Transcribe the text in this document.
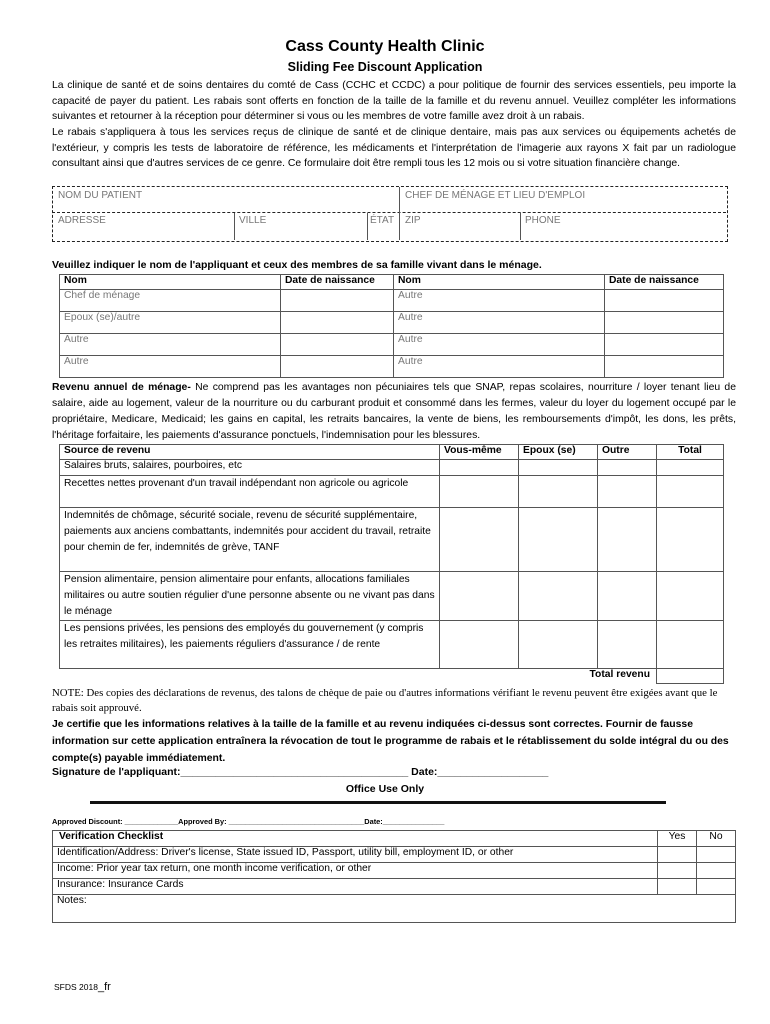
Cass County Health Clinic
Sliding Fee Discount Application
La clinique de santé et de soins dentaires du comté de Cass (CCHC et CCDC) a pour politique de fournir des services essentiels, peu importe la capacité de payer du patient. Les rabais sont offerts en fonction de la taille de la famille et du revenu annuel. Veuillez compléter les informations suivantes et retourner à la réception pour déterminer si vous ou les membres de votre famille avez droit à un rabais.
Le rabais s'appliquera à tous les services reçus de clinique de santé et de clinique dentaire, mais pas aux services ou équipements achetés de l'extérieur, y compris les tests de laboratoire de référence, les médicaments et l'interprétation de l'imagerie aux rayons X fait par un radiologue consultant ainsi que d'autres services de ce genre. Ce formulaire doit être rempli tous les 12 mois ou si votre situation financière change.
NOM DU PATIENT	CHEF DE MÉNAGE ET LIEU D'EMPLOI
ADRESSE	VILLE	ÉTAT ZIP	PHONE
Veuillez indiquer le nom de l'appliquant et ceux des membres de sa famille vivant dans le ménage.
Nom	Date de naissance	Nom	Date de naissance
Chef de ménage		Autre	
Epoux (se)/autre		Autre	
Autre		Autre	
Autre		Autre	
Revenu annuel de ménage- Ne comprend pas les avantages non pécuniaires tels que SNAP, repas scolaires, nourriture / loyer tenant lieu de salaire, aide au logement, valeur de la nourriture ou du carburant produit et consommé dans les fermes, valeur du loyer du logement occupé par le propriétaire, Medicare, Medicaid; les gains en capital, les retraits bancaires, la vente de biens, les remboursements d'impôt, les dons, les prêts, l'héritage forfaitaire, les paiements d'assurance ponctuels, l'indemnisation pour les blessures.
Source de revenu	Vous-même	Epoux (se)	Outre	Total
Salaires bruts, salaires, pourboires, etc				
Recettes nettes provenant d'un travail indépendant non agricole ou agricole				
Indemnités de chômage, sécurité sociale, revenu de sécurité supplémentaire, paiements aux anciens combattants, indemnités pour accident du travail, retraite pour chemin de fer, indemnités de grève, TANF				
Pension alimentaire, pension alimentaire pour enfants, allocations familiales militaires ou autre soutien régulier d'une personne absente ou ne vivant pas dans le ménage				
Les pensions privées, les pensions des employés du gouvernement (y compris les retraites militaires), les paiements réguliers d'assurance / de rente				
Total revenu				
NOTE: Des copies des déclarations de revenus, des talons de chèque de paie ou d'autres informations vérifiant le revenu peuvent être exigées avant que le rabais soit approuvé.
Je certifie que les informations relatives à la taille de la famille et au revenu indiquées ci-dessus sont correctes. Fournir de fausse information sur cette application entraînera la révocation de tout le programme de rabais et le rétablissement du solde intégral du ou des compte(s) payable immédiatement.
Signature de l'appliquant:_______________________________________ Date:___________________
Office Use Only
Approved Discount: _____________Approved By: _________________________________Date:_______________
Verification Checklist	Yes	No
Identification/Address: Driver's license, State issued ID, Passport, utility bill, employment ID, or other		
Income: Prior year tax return, one month income verification, or other		
Insurance: Insurance Cards		
Notes:		
SFDS 2018_fr
